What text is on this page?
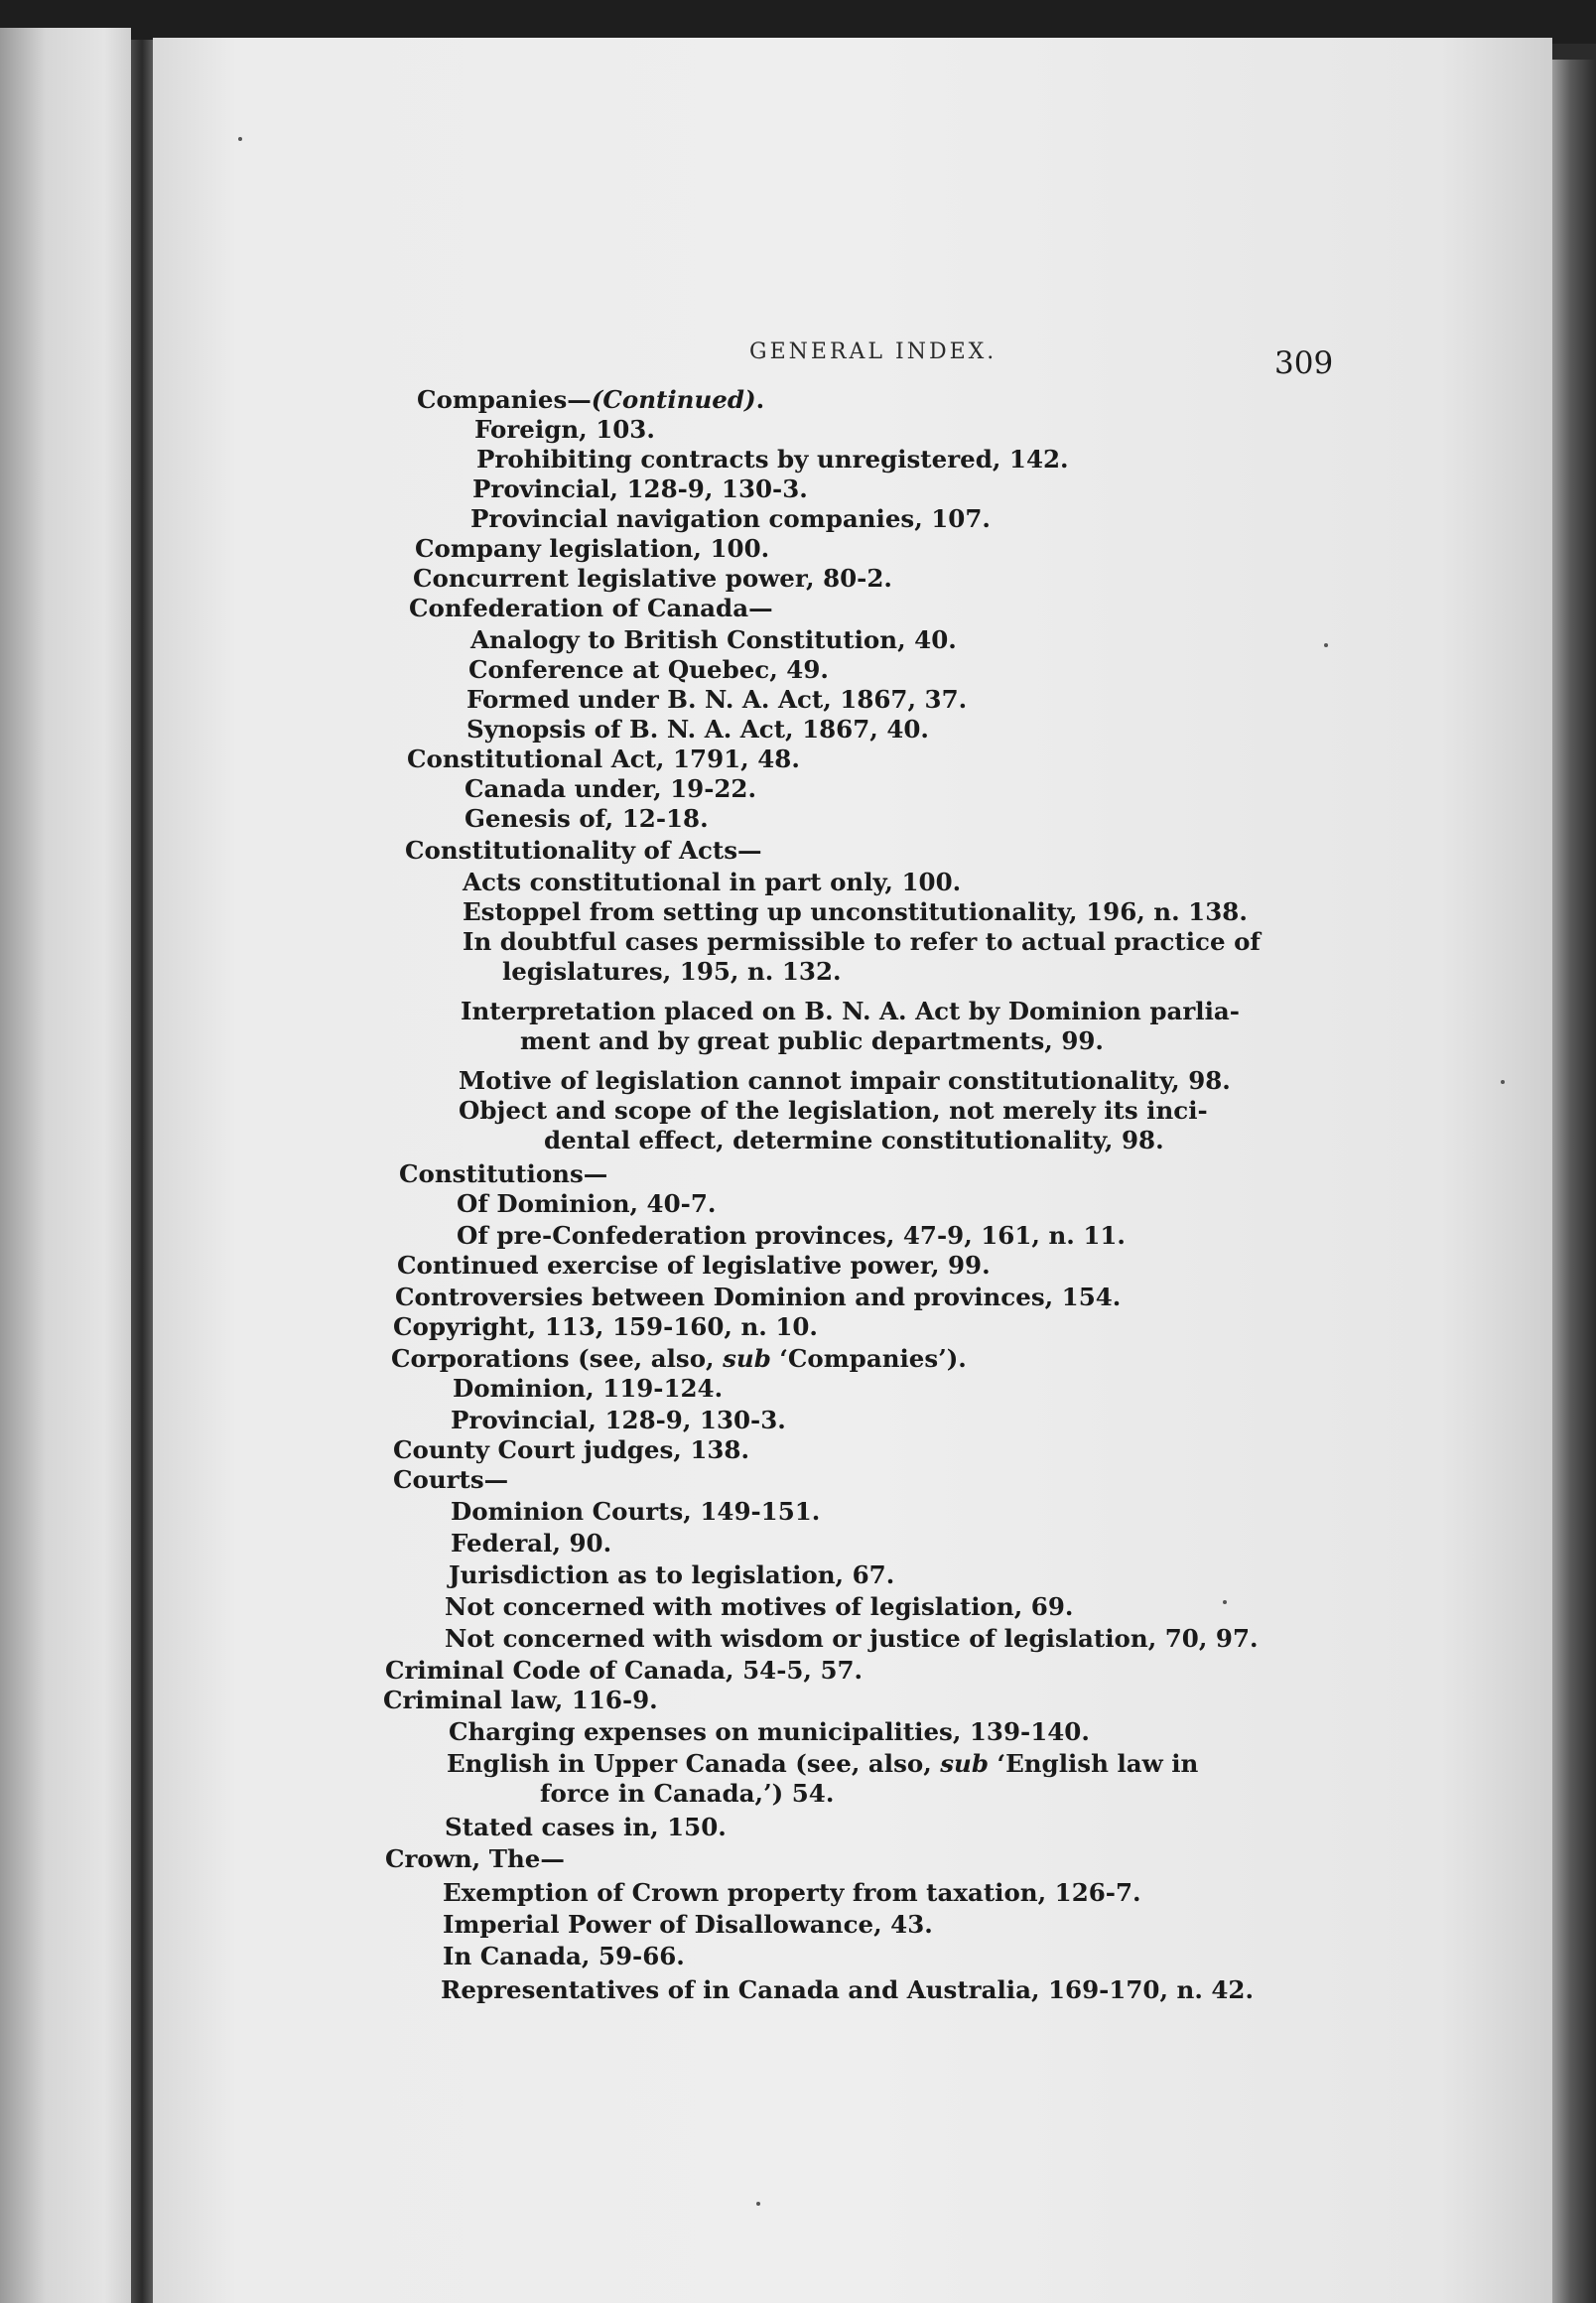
GENERAL INDEX.	309
Companies—(Continued).
Foreign, 103.
Prohibiting contracts by unregistered, 142.
Provincial, 128-9, 130-3.
Provincial navigation companies, 107.
Company legislation, 100.
Concurrent legislative power, 80-2.
Confederation of Canada—
Analogy to British Constitution, 40.
Conference at Quebec, 49.
Formed under B. N. A. Act, 1867, 37.
Synopsis of B. N. A. Act, 1867, 40.
Constitutional Act, 1791, 48.
Canada under, 19-22.
Genesis of, 12-18.
Constitutionality of Acts—
Acts constitutional in part only, 100.
Estoppel from setting up unconstitutionality, 196, n. 138.
In doubtful cases permissible to refer to actual practice of
legislatures, 195, n. 132.
Interpretation placed on B. N. A. Act by Dominion parlia-
ment and by great public departments, 99.
Motive of legislation cannot impair constitutionality, 98.
Object and scope of the legislation, not merely its inci-
dental effect, determine constitutionality, 98.
Constitutions—
Of Dominion, 40-7.
Of pre-Confederation provinces, 47-9, 161, n. 11.
Continued exercise of legislative power, 99.
Controversies between Dominion and provinces, 154.
Copyright, 113, 159-160, n. 10.
Corporations (see, also, sub ‘Companies’).
Dominion, 119-124.
Provincial, 128-9, 130-3.
County Court judges, 138.
Courts—
Dominion Courts, 149-151.
Federal, 90.
Jurisdiction as to legislation, 67.
Not concerned with motives of legislation, 69.
Not concerned with wisdom or justice of legislation, 70, 97.
Criminal Code of Canada, 54-5, 57.
Criminal law, 116-9.
Charging expenses on municipalities, 139-140.
English in Upper Canada (see, also, sub ‘English law in
force in Canada,’) 54.
Stated cases in, 150.
Crown, The—
Exemption of Crown property from taxation, 126-7.
Imperial Power of Disallowance, 43.
In Canada, 59-66.
Representatives of in Canada and Australia, 169-170, n. 42.
